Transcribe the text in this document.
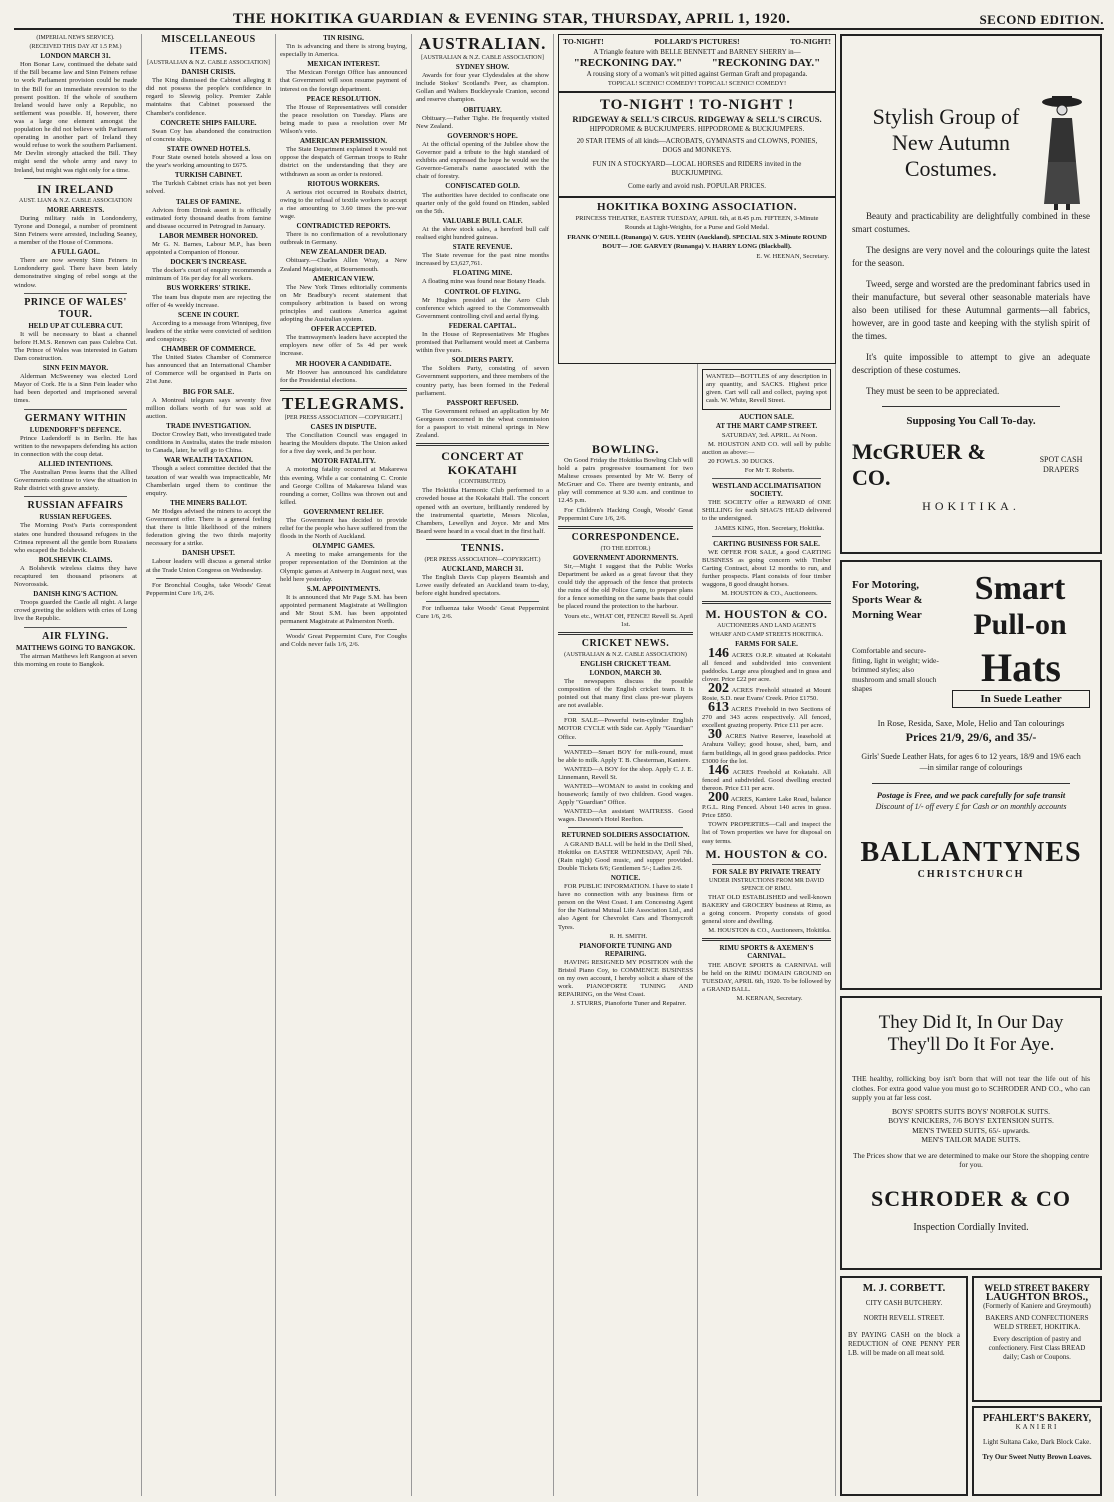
THE HOKITIKA GUARDIAN & EVENING STAR, THURSDAY, APRIL 1, 1920.	SECOND EDITION.

(IMPERIAL NEWS SERVICE).

(RECEIVED THIS DAY AT 1.5 P.M.)

LONDON MARCH 31.

Hon Bonar Law, continued the debate said if the Bill became law and Sinn Feiners refuse to work Parliament provision could be made in the Bill for an immediate reversion to the present position. If the whole of southern Ireland would have only a Republic, no settlement was possible. If, however, there was a large one element amongst the population he did not believe with Parliament operating in another part of Ireland they would refuse to work the southern Parliament. Mr Devlin strongly attacked the Bill. They might send the whole army and navy to Ireland, but might was right only for a time.

IN IRELAND

AUST. LIAN & N.Z. CABLE ASSOCIATION

MORE ARRESTS.

During military raids in Londonderry, Tyrone and Donegal, a number of prominent Sinn Feiners were arrested, including Seaney, a member of the House of Commons.

A FULL GAOL.

There are now seventy Sinn Feiners in Londonderry gaol. There have been lately demonstrative singing of rebel songs at the window.

PRINCE OF WALES' TOUR.

HELD UP AT CULEBRA CUT.

It will be necessary to blast a channel before H.M.S. Renown can pass Culebra Cut. The Prince of Wales was interested in Gatum Dam construction.

SINN FEIN MAYOR.

Alderman McSweeney was elected Lord Mayor of Cork. He is a Sinn Fein leader who had been deported and imprisoned several times.

GERMANY WITHIN

LUDENDORFF'S DEFENCE.

Prince Ludendorff is in Berlin. He has written to the newspapers defending his action in connection with the coup detat.

ALLIED INTENTIONS.

The Australian Press learns that the Allied Governments continue to view the situation in Ruhr district with grave anxiety.

RUSSIAN AFFAIRS

RUSSIAN REFUGEES.

The Morning Post's Paris correspondent states one hundred thousand refugees in the Crimea represent all the gentle born Russians who escaped the Bolshevik.

BOLSHEVIK CLAIMS.

A Bolshevik wireless claims they have recaptured ten thousand prisoners at Novorossisk.

DANISH KING'S ACTION.

Troops guarded the Castle all night. A large crowd greeting the soldiers with cries of Long live the Republic.

AIR FLYING.

MATTHEWS GOING TO BANGKOK.

The airman Matthews left Rangoon at seven this morning en route to Bangkok.

MISCELLANEOUS ITEMS.

[AUSTRALIAN & N.Z. CABLE ASSOCIATION]

DANISH CRISIS.

The King dismissed the Cabinet alleging it did not possess the people's confidence in regard to Sleswig policy. Premier Zahle maintains that Cabinet possessed the Chamber's confidence.

CONCRETE SHIPS FAILURE.

Swan Coy has abandoned the construction of concrete ships.

STATE OWNED HOTELS.

Four State owned hotels showed a loss on the year's working amounting to £675.

TURKISH CABINET.

The Turkish Cabinet crisis has not yet been solved.

TALES OF FAMINE.

Advices from Drinsk assert it is officially estimated forty thousand deaths from famine and disease occurred in Petrograd in January.

LABOR MEMBER HONORED.

Mr G. N. Barnes, Labour M.P., has been appointed a Companion of Honour.

DOCKER'S INCREASE.

The docker's court of enquiry recommends a minimum of 16s per day for all workers.

BUS WORKERS' STRIKE.

The team bus dispute men are rejecting the offer of 4s weekly increase.

SCENE IN COURT.

According to a message from Winnipeg, five leaders of the strike were convicted of sedition and conspiracy.

CHAMBER OF COMMERCE.

The United States Chamber of Commerce has announced that an International Chamber of Commerce will be organised in Paris on 21st June.

BIG FOR SALE.

A Montreal telegram says seventy five million dollars worth of fur was sold at auction.

TRADE INVESTIGATION.

Doctor Crowley Batt, who investigated trade conditions in Australia, states the trade mission to Canada, later, he will go to China.

WAR WEALTH TAXATION.

Though a select committee decided that the taxation of war wealth was impracticable, Mr Chamberlain urged them to continue the enquiry.

THE MINERS BALLOT.

Mr Hodges advised the miners to accept the Government offer. There is a general feeling that there is little likelihood of the miners federation giving the two thirds majority necessary for a strike.

DANISH UPSET.

Labour leaders will discuss a general strike at the Trade Union Congress on Wednesday.

For Bronchial Coughs, take Woods' Great Peppermint Cure 1/6, 2/6.

TIN RISING.

Tin is advancing and there is strong buying, especially in America.

MEXICAN INTEREST.

The Mexican Foreign Office has announced that Government will soon resume payment of interest on the foreign department.

PEACE RESOLUTION.

The House of Representatives will consider the peace resolution on Tuesday. Plans are being made to pass a resolution over Mr Wilson's veto.

AMERICAN PERMISSION.

The State Department explained it would not oppose the despatch of German troops to Ruhr district on the understanding that they are withdrawn as soon as order is restored.

RIOTOUS WORKERS.

A serious riot occurred in Roubaix district, owing to the refusal of textile workers to accept a rise amounting to 3.60 times the pre-war wage.

CONTRADICTED REPORTS.

There is no confirmation of a revolutionary outbreak in Germany.

NEW ZEALANDER DEAD.

Obituary.—Charles Allen Wray, a New Zealand Magistrate, at Bournemouth.

AMERICAN VIEW.

The New York Times editorially comments on Mr Bradbury's recent statement that compulsory arbitration is based on wrong principles and cautions America against adopting the Australian system.

OFFER ACCEPTED.

The tramwaymen's leaders have accepted the employers new offer of 5s 4d per week increase.

MR HOOVER A CANDIDATE.

Mr Hoover has announced his candidature for the Presidential elections.

TELEGRAMS.

[PER PRESS ASSOCIATION —COPYRIGHT.]

CASES IN DISPUTE.

The Conciliation Council was engaged in hearing the Moulders dispute. The Union asked for a five day week, and 3s per hour.

MOTOR FATALITY.

A motoring fatality occurred at Makarewa this evening. While a car containing C. Cronie and George Collins of Makarewa Island was rounding a corner, Collins was thrown out and killed.

GOVERNMENT RELIEF.

The Government has decided to provide relief for the people who have suffered from the floods in the North of Auckland.

OLYMPIC GAMES.

A meeting to make arrangements for the proper representation of the Dominion at the Olympic games at Antwerp in August next, was held here yesterday.

S.M. APPOINTMENTS.

It is announced that Mr Page S.M. has been appointed permanent Magistrate at Wellington and Mr Stout S.M. has been appointed permanent Magistrate at Palmerston North.

Woods' Great Peppermint Cure, For Coughs and Colds never fails 1/6, 2/6.

AUSTRALIAN.

[AUSTRALIAN & N.Z. CABLE ASSOCIATION]

SYDNEY SHOW.

Awards for four year Clydesdales at the show include Stokes' Scotland's Peer, as champion. Gollan and Walters Buckleyvale Cranion, second and reserve champion.

OBITUARY.

Obituary.—Father Tighe. He frequently visited New Zealand.

GOVERNOR'S HOPE.

At the official opening of the Jubilee show the Governor paid a tribute to the high standard of exhibits and expressed the hope he would see the Governor-General's name associated with the chair of forestry.

CONFISCATED GOLD.

The authorities have decided to confiscate one quarter only of the gold found on Hinden, sabled on the 5th.

VALUABLE BULL CALF.

At the show stock sales, a hereford bull calf realised eight hundred guineas.

STATE REVENUE.

The State revenue for the past nine months increased by £3,627,761.

FLOATING MINE.

A floating mine was found near Botany Heads.

CONTROL OF FLYING.

Mr Hughes presided at the Aero Club conference which agreed to the Commonwealth Government controlling civil and aerial flying.

FEDERAL CAPITAL.

In the House of Representatives Mr Hughes promised that Parliament would meet at Canberra within five years.

SOLDIERS PARTY.

The Soldiers Party, consisting of seven Government supporters, and three members of the country party, has been formed in the Federal parliament.

PASSPORT REFUSED.

The Government refused an application by Mr Georgeson concerned in the wheat commission for a passport to visit mineral springs in New Zealand.

CONCERT AT KOKATAHI

(CONTRIBUTED).

The Hokitika Harmonic Club performed to a crowded house at the Kokatahi Hall. The concert opened with an overture, brilliantly rendered by the instrumental quartette, Messrs Nicolas, Chambers, Lewellyn and Joyce. Mr and Mrs Beard were heard in a vocal duet in the first half.

TENNIS.

(PER PRESS ASSOCIATION—COPYRIGHT.)

AUCKLAND, MARCH 31.

The English Davis Cup players Beamish and Lowe easily defeated an Auckland team to-day, before eight hundred spectators.

For influenza take Woods' Great Peppermint Cure 1/6, 2/6.

BOWLING.

On Good Friday the Hokitika Bowling Club will hold a pairs progressive tournament for two Maltese crosses presented by Mr W. Berry of McGruer and Co. There are twenty entrants, and play will commence at 9.30 a.m. and continue to 12.45 p.m.

For Children's Hacking Cough, Woods' Great Peppermint Cure 1/6, 2/6.

CORRESPONDENCE.

(TO THE EDITOR.)

GOVERNMENT ADORNMENTS.

Sir,—Might I suggest that the Public Works Department be asked as a great favour that they could tidy the approach of the fence that protects the ruins of the old Police Camp, to prepare plans for a fence something on the same basis that could be placed round the protection to the harbour.

Yours etc., WHAT OH, FENCE! Revell St. April 1st.

CRICKET NEWS.

(AUSTRALIAN & N.Z. CABLE ASSOCIATION)

ENGLISH CRICKET TEAM.

LONDON, MARCH 30.

The newspapers discuss the possible composition of the English cricket team. It is pointed out that many first class pre-war players are not available.

FOR SALE—Powerful twin-cylinder English MOTOR CYCLE with Side car. Apply "Guardian" Office.

WANTED—Smart BOY for milk-round, must be able to milk. Apply T. B. Chesterman, Kaniere.

WANTED—A BOY for the shop. Apply C. J. E. Linnemann, Revell St.

WANTED—WOMAN to assist in cooking and housework; family of two children. Good wages. Apply "Guardian" Office.

WANTED—An assistant WAITRESS. Good wages. Dawson's Hotel Reefton.

RETURNED SOLDIERS ASSOCIATION.

A GRAND BALL will be held in the Drill Shed, Hokitika on EASTER WEDNESDAY, April 7th. (Rain night) Good music, and supper provided. Double Tickets 6/6; Gentlemen 5/-; Ladies 2/6.

NOTICE.

FOR PUBLIC INFORMATION. I have to state I have no connection with any business firm or person on the West Coast. I am Concessing Agent for the National Mutual Life Association Ltd., and also Agent for Chevrolet Cars and Thornycroft Tyres.

R. H. SMITH.

PIANOFORTE TUNING AND REPAIRING.

HAVING RESIGNED MY POSITION with the Bristol Piano Coy, to COMMENCE BUSINESS on my own account, I hereby solicit a share of the work. PIANOFORTE TUNING AND REPAIRING, on the West Coast.

J. STURRS, Pianoforte Tuner and Repairer.

WANTED—BOTTLES of any description in any quantity, and SACKS. Highest price given. Cart will call and collect, paying spot cash. W. White, Revell Street.

AUCTION SALE.

AT THE MART CAMP STREET.

SATURDAY, 3rd. APRIL. At Noon.

M. HOUSTON AND CO. will sell by public auction as above:—

20 FOWLS. 30 DUCKS.

For Mr T. Roberts.

WESTLAND ACCLIMATISATION SOCIETY.

THE SOCIETY offer a REWARD of ONE SHILLING for each SHAG'S HEAD delivered to the undersigned.

JAMES KING, Hon. Secretary, Hokitika.

CARTING BUSINESS FOR SALE.

WE OFFER FOR SALE, a good CARTING BUSINESS as going concern with Timber Carting Contract, about 12 months to run, and further prospects. Plant consists of four timber waggons, 8 good draught horses.

M. HOUSTON & CO., Auctioneers.

M. HOUSTON & CO.

AUCTIONEERS AND LAND AGENTS

WHARF AND CAMP STREETS HOKITIKA.

FARMS FOR SALE.

146 ACRES O.R.P. situated at Kokatahi all fenced and subdivided into convenient paddocks. Large area ploughed and in grass and clover. Price £22 per acre.

202 ACRES Freehold situated at Mount Rosie, S.D. near Evans' Creek. Price £1750.

613 ACRES Freehold in two Sections of 270 and 343 acres respectively. All fenced, excellent grazing property. Price £11 per acre.

30 ACRES Native Reserve, leasehold at Arahura Valley; good house, shed, barn, and farm buildings, all in good grass paddocks. Price £3000 for the lot.

146 ACRES Freehold at Kokatahi. All fenced and subdivided. Good dwelling erected thereon. Price £11 per acre.

200 ACRES, Kaniere Lake Road, balance P.G.L. Ring Fenced. About 140 acres in grass. Price £850.

TOWN PROPERTIES—Call and inspect the list of Town properties we have for disposal on easy terms.

M. HOUSTON & CO.

FOR SALE BY PRIVATE TREATY

UNDER INSTRUCTIONS FROM MR DAVID SPENCE OF RIMU.

THAT OLD ESTABLISHED and well-known BAKERY and GROCERY business at Rimu, as a going concern. Property consists of good general store and dwelling.

M. HOUSTON & CO., Auctioneers, Hokitika.

RIMU SPORTS & AXEMEN'S CARNIVAL.

THE ABOVE SPORTS & CARNIVAL will be held on the RIMU DOMAIN GROUND on TUESDAY, APRIL 6th, 1920. To be followed by a GRAND BALL.

M. KERNAN, Secretary.

TO-NIGHT!	POLLARD'S PICTURES!	TO-NIGHT!
A Triangle feature with BELLE BENNETT and BARNEY SHERRY in—
"RECKONING DAY."	"RECKONING DAY."
A rousing story of a woman's wit pitted against German Graft and propaganda.
TOPICAL! SCENIC! COMEDY! TOPICAL! SCENIC! COMEDY!
TO-NIGHT ! TO-NIGHT !
RIDGEWAY & SELL'S CIRCUS. RIDGEWAY & SELL'S CIRCUS.
HIPPODROME & BUCKJUMPERS. HIPPODROME & BUCKJUMPERS.
20 STAR ITEMS of all kinds—ACROBATS, GYMNASTS and CLOWNS, PONIES, DOGS and MONKEYS.
FUN IN A STOCKYARD—LOCAL HORSES and RIDERS invited in the BUCKJUMPING.
Come early and avoid rush. POPULAR PRICES.
HOKITIKA BOXING ASSOCIATION.
PRINCESS THEATRE, EASTER TUESDAY, APRIL 6th, at 8.45 p.m. FIFTEEN, 3-Minute Rounds at Light-Weights, for a Purse and Gold Medal.
FRANK O'NEILL (Runanga) V. GUS. YEHN (Auckland). SPECIAL SIX 3-Minute ROUND BOUT— JOE GARVEY (Runanga) V. HARRY LONG (Blackball).
E. W. HEENAN, Secretary.
Stylish Group of
New Autumn Costumes.

Beauty and practicability are delightfully combined in these smart costumes.

The designs are very novel and the colourings quite the latest for the season.

Tweed, serge and worsted are the predominant fabrics used in their manufacture, but several other seasonable materials have also been utilised for these Autumnal garments—all fabrics, however, are in good taste and keeping with the stylish spirit of the times.

It's quite impossible to attempt to give an adequate description of these costumes.

They must be seen to be appreciated.

Supposing You Call To-day.
McGRUER & CO.
SPOT CASH DRAPERS
HOKITIKA.
For Motoring, Sports Wear & Morning Wear
Smart
Pull-on
Comfortable and secure-fitting, light in weight; wide-brimmed styles; also mushroom and small slouch shapes	Hats
In Suede Leather
In Rose, Resida, Saxe, Mole, Helio and Tan colourings
Prices 21/9, 29/6, and 35/-
Girls' Suede Leather Hats, for ages 6 to 12 years, 18/9 and 19/6 each—in similar range of colourings
Postage is Free, and we pack carefully for safe transit
Discount of 1/- off every £ for Cash or on monthly accounts
BALLANTYNES
CHRISTCHURCH
They Did It, In Our Day
They'll Do It For Aye.
THE healthy, rollicking boy isn't born that will not tear the life out of his clothes. For extra good value you must go to SCHRODER AND CO., who can supply you at far less cost.
BOYS' SPORTS SUITS BOYS' NORFOLK SUITS.
BOYS' KNICKERS, 7/6 BOYS' EXTENSION SUITS.
MEN'S TWEED SUITS, 65/- upwards.
MEN'S TAILOR MADE SUITS.
The Prices show that we are determined to make our Store the shopping centre for you.
SCHRODER & CO
Inspection Cordially Invited.
M. J. CORBETT.
CITY CASH BUTCHERY.
NORTH REVELL STREET.
BY PAYING CASH on the block a REDUCTION of ONE PENNY PER LB. will be made on all meat sold.
WELD STREET BAKERY
LAUGHTON BROS.,
(Formerly of Kaniere and Greymouth)
BAKERS AND CONFECTIONERS WELD STREET, HOKITIKA.
Every description of pastry and confectionery. First Class BREAD daily; Cash or Coupons.
PFAHLERT'S BAKERY,
KANIERI
Light Sultana Cake, Dark Block Cake.
Try Our Sweet Nutty Brown Loaves.
